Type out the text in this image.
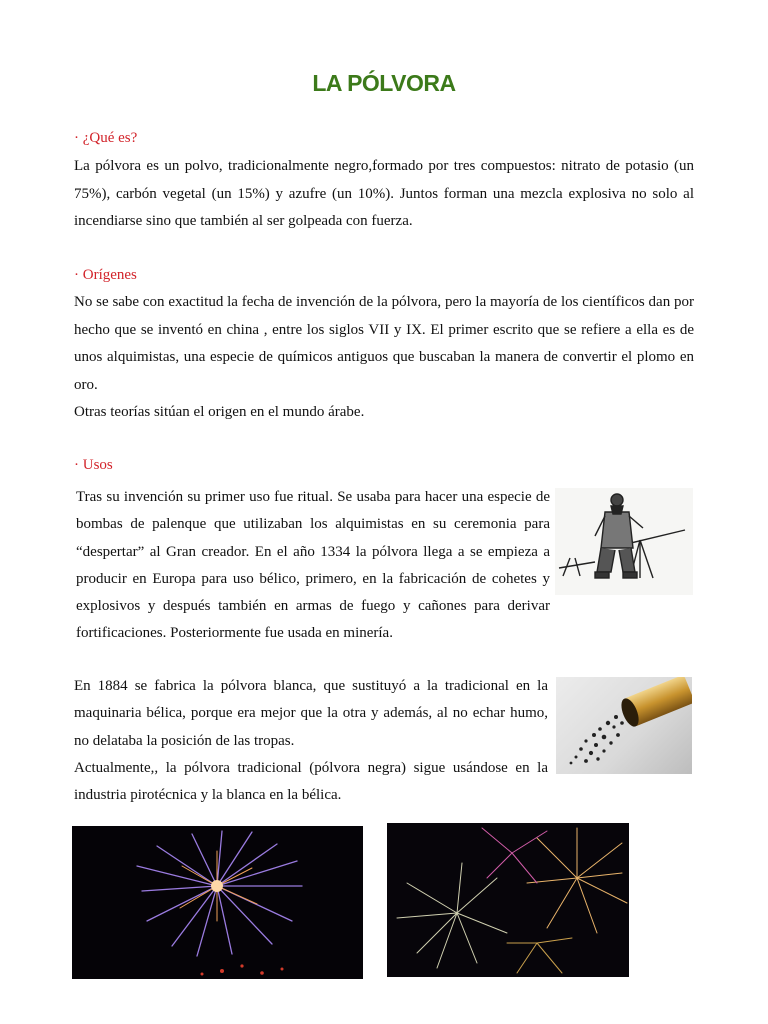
LA PÓLVORA
· ¿Qué es?

La pólvora es un polvo, tradicionalmente negro,formado por tres compuestos: nitrato de potasio (un 75%), carbón vegetal (un 15%) y azufre (un 10%). Juntos forman una mezcla explosiva no solo al incendiarse sino que también al ser golpeada con fuerza.

· Orígenes

No se sabe con exactitud la fecha de invención de la pólvora, pero la mayoría de los científicos dan por hecho que se inventó en china , entre los siglos VII y IX. El primer escrito que se refiere a ella es de unos alquimistas, una especie de químicos antiguos que buscaban la manera de convertir el plomo en oro.

Otras teorías sitúan el origen en el mundo árabe.
· Usos

Tras su invención su primer uso fue ritual. Se usaba para hacer una especie de bombas de palenque que utilizaban los alquimistas en su ceremonia para “despertar” al Gran creador. En el año 1334 la pólvora llega a se empieza a producir en Europa para uso bélico, primero, en la fabricación de cohetes y explosivos y después también en armas de fuego y cañones para derivar fortificaciones. Posteriormente fue usada en minería.

En 1884 se fabrica la pólvora blanca, que sustituyó a la tradicional en la maquinaria bélica, porque era mejor que la otra y además, al no echar humo, no delataba la posición de las tropas.

Actualmente,, la pólvora tradicional (pólvora negra) sigue usándose en la industria pirotécnica y la blanca en la bélica.
